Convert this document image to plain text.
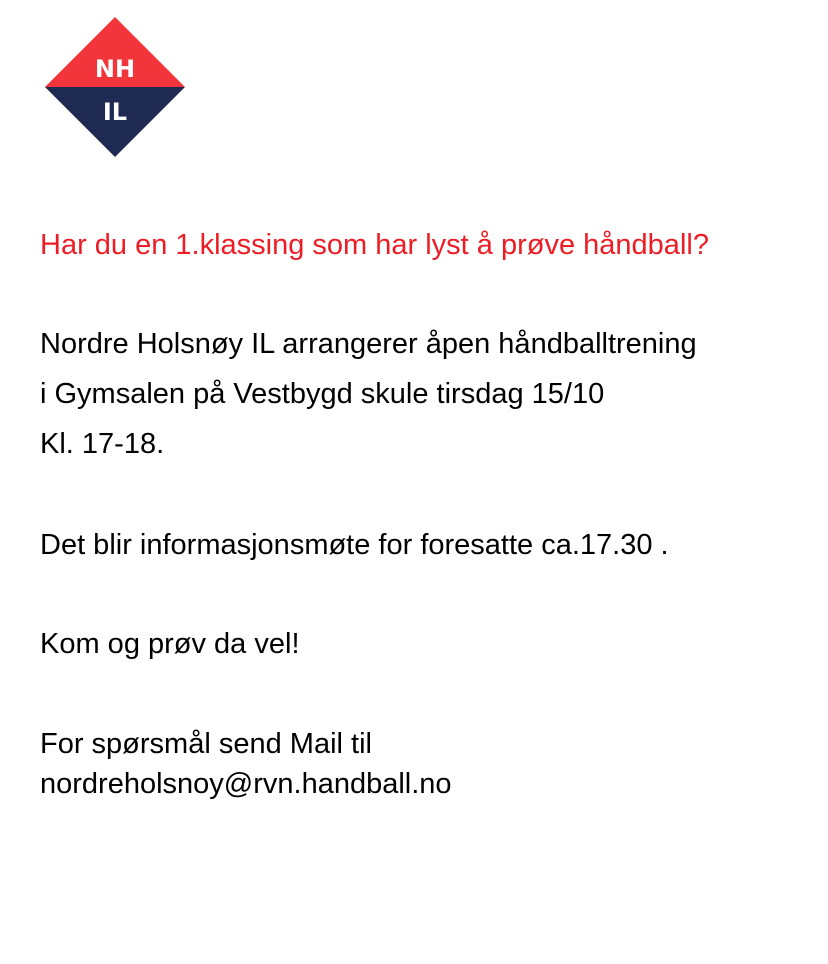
NH
IL

Har du en 1.klassing som har lyst å prøve håndball?

Nordre Holsnøy IL arrangerer åpen håndballtrening

i Gymsalen på Vestbygd skule tirsdag 15/10

Kl. 17-18.

Det blir informasjonsmøte for foresatte ca.17.30 .

Kom og prøv da vel!

For spørsmål send Mail til

nordreholsnoy@rvn.handball.no
